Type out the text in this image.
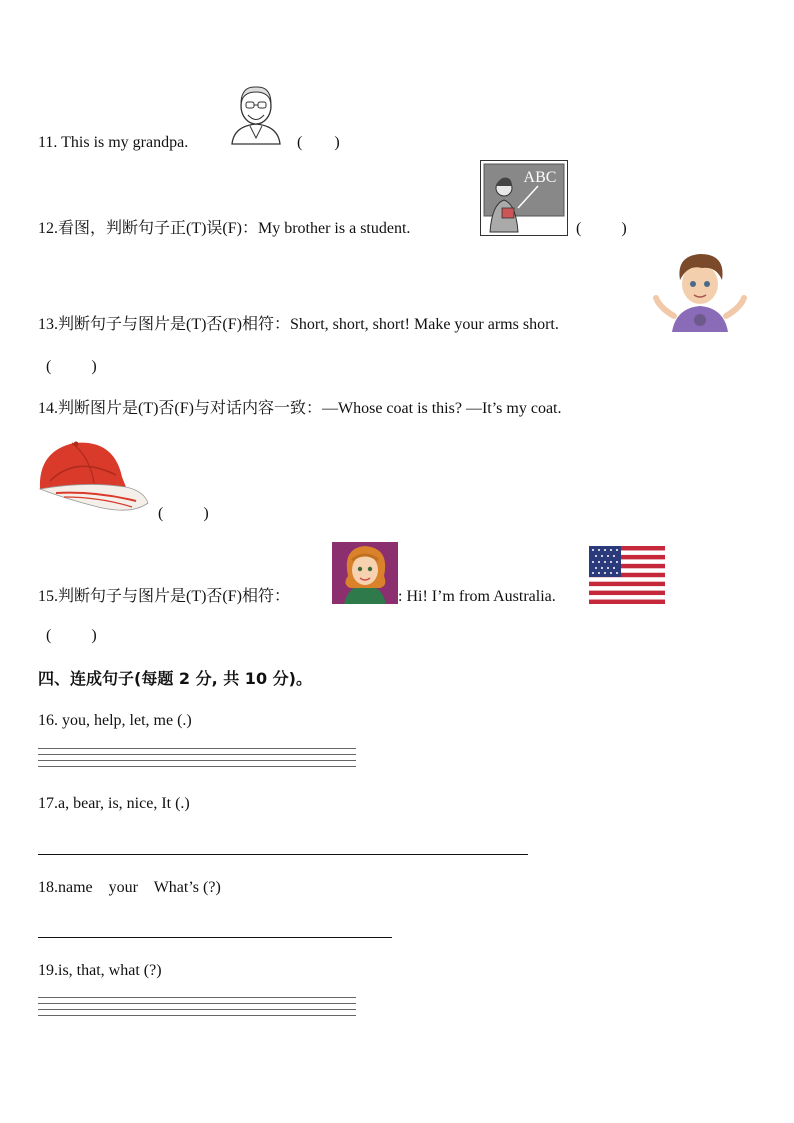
11. This is my grandpa.	(        )
12.看图，判断句子正(T)误(F)：My brother is a student.
ABC
(          )
13.判断句子与图片是(T)否(F)相符：Short, short, short! Make your arms short.
(          )
14.判断图片是(T)否(F)与对话内容一致：—Whose coat is this? —It’s my coat.
(          )
15.判断句子与图片是(T)否(F)相符：	: Hi! I’m from Australia.
(          )
四、连成句子(每题 2 分, 共 10 分)。
16. you, help, let, me (.)
17.a, bear, is, nice, It (.)
18.name    your    What’s (?)
19.is, that, what (?)
